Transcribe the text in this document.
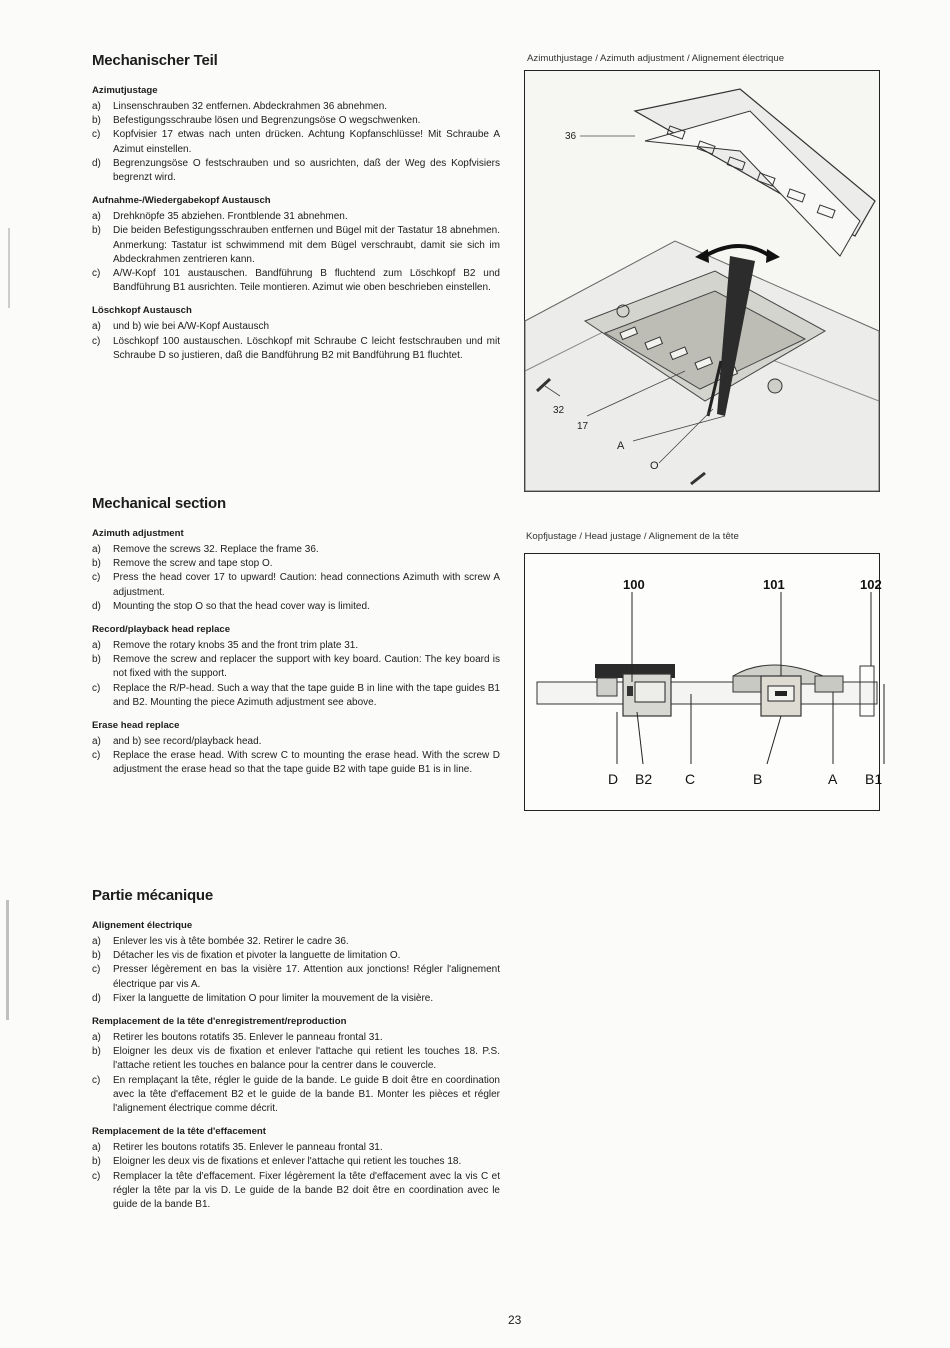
Mechanischer Teil
Azimutjustage
a) Linsenschrauben 32 entfernen. Abdeckrahmen 36 abnehmen.
b) Befestigungsschraube lösen und Begrenzungsöse O wegschwenken.
c) Kopfvisier 17 etwas nach unten drücken. Achtung Kopfanschlüsse! Mit Schraube A Azimut einstellen.
d) Begrenzungsöse O festschrauben und so ausrichten, daß der Weg des Kopfvisiers begrenzt wird.
Aufnahme-/Wiedergabekopf Austausch
a) Drehknöpfe 35 abziehen. Frontblende 31 abnehmen.
b) Die beiden Befestigungsschrauben entfernen und Bügel mit der Tastatur 18 abnehmen. Anmerkung: Tastatur ist schwimmend mit dem Bügel verschraubt, damit sie sich im Abdeckrahmen zentrieren kann.
c) A/W-Kopf 101 austauschen. Bandführung B fluchtend zum Löschkopf B2 und Bandführung B1 ausrichten. Teile montieren. Azimut wie oben beschrieben einstellen.
Löschkopf Austausch
a) und b) wie bei A/W-Kopf Austausch
c) Löschkopf 100 austauschen. Löschkopf mit Schraube C leicht festschrauben und mit Schraube D so justieren, daß die Bandführung B2 mit Bandführung B1 fluchtet.
Mechanical section
Azimuth adjustment
a) Remove the screws 32. Replace the frame 36.
b) Remove the screw and tape stop O.
c) Press the head cover 17 to upward! Caution: head connections Azimuth with screw A adjustment.
d) Mounting the stop O so that the head cover way is limited.
Record/playback head replace
a) Remove the rotary knobs 35 and the front trim plate 31.
b) Remove the screw and replacer the support with key board. Caution: The key board is not fixed with the support.
c) Replace the R/P-head. Such a way that the tape guide B in line with the tape guides B1 and B2. Mounting the piece Azimuth adjustment see above.
Erase head replace
a) and b) see record/playback head.
c) Replace the erase head. With screw C to mounting the erase head. With the screw D adjustment the erase head so that the tape guide B2 with tape guide B1 is in line.
Partie mécanique
Alignement électrique
a) Enlever les vis à tête bombée 32. Retirer le cadre 36.
b) Détacher les vis de fixation et pivoter la languette de limitation O.
c) Presser légèrement en bas la visière 17. Attention aux jonctions! Régler l'alignement électrique par vis A.
d) Fixer la languette de limitation O pour limiter la mouvement de la visière.
Remplacement de la tête d'enregistrement/reproduction
a) Retirer les boutons rotatifs 35. Enlever le panneau frontal 31.
b) Eloigner les deux vis de fixation et enlever l'attache qui retient les touches 18. P.S. l'attache retient les touches en balance pour la centrer dans le couvercle.
c) En remplaçant la tête, régler le guide de la bande. Le guide B doit être en coordination avec la tête d'effacement B2 et le guide de la bande B1. Monter les pièces et régler l'alignement électrique comme décrit.
Remplacement de la tête d'effacement
a) Retirer les boutons rotatifs 35. Enlever le panneau frontal 31.
b) Eloigner les deux vis de fixations et enlever l'attache qui retient les touches 18.
c) Remplacer la tête d'effacement. Fixer légèrement la tête d'effacement avec la vis C et régler la tête par la vis D. Le guide de la bande B2 doit être en coordination avec le guide de la bande B1.
Azimuthjustage / Azimuth adjustment / Alignement électrique
36
32
17
A
O
Kopfjustage / Head justage / Alignement de la tête
100	101	102
D B2 C	B	A B1
23
